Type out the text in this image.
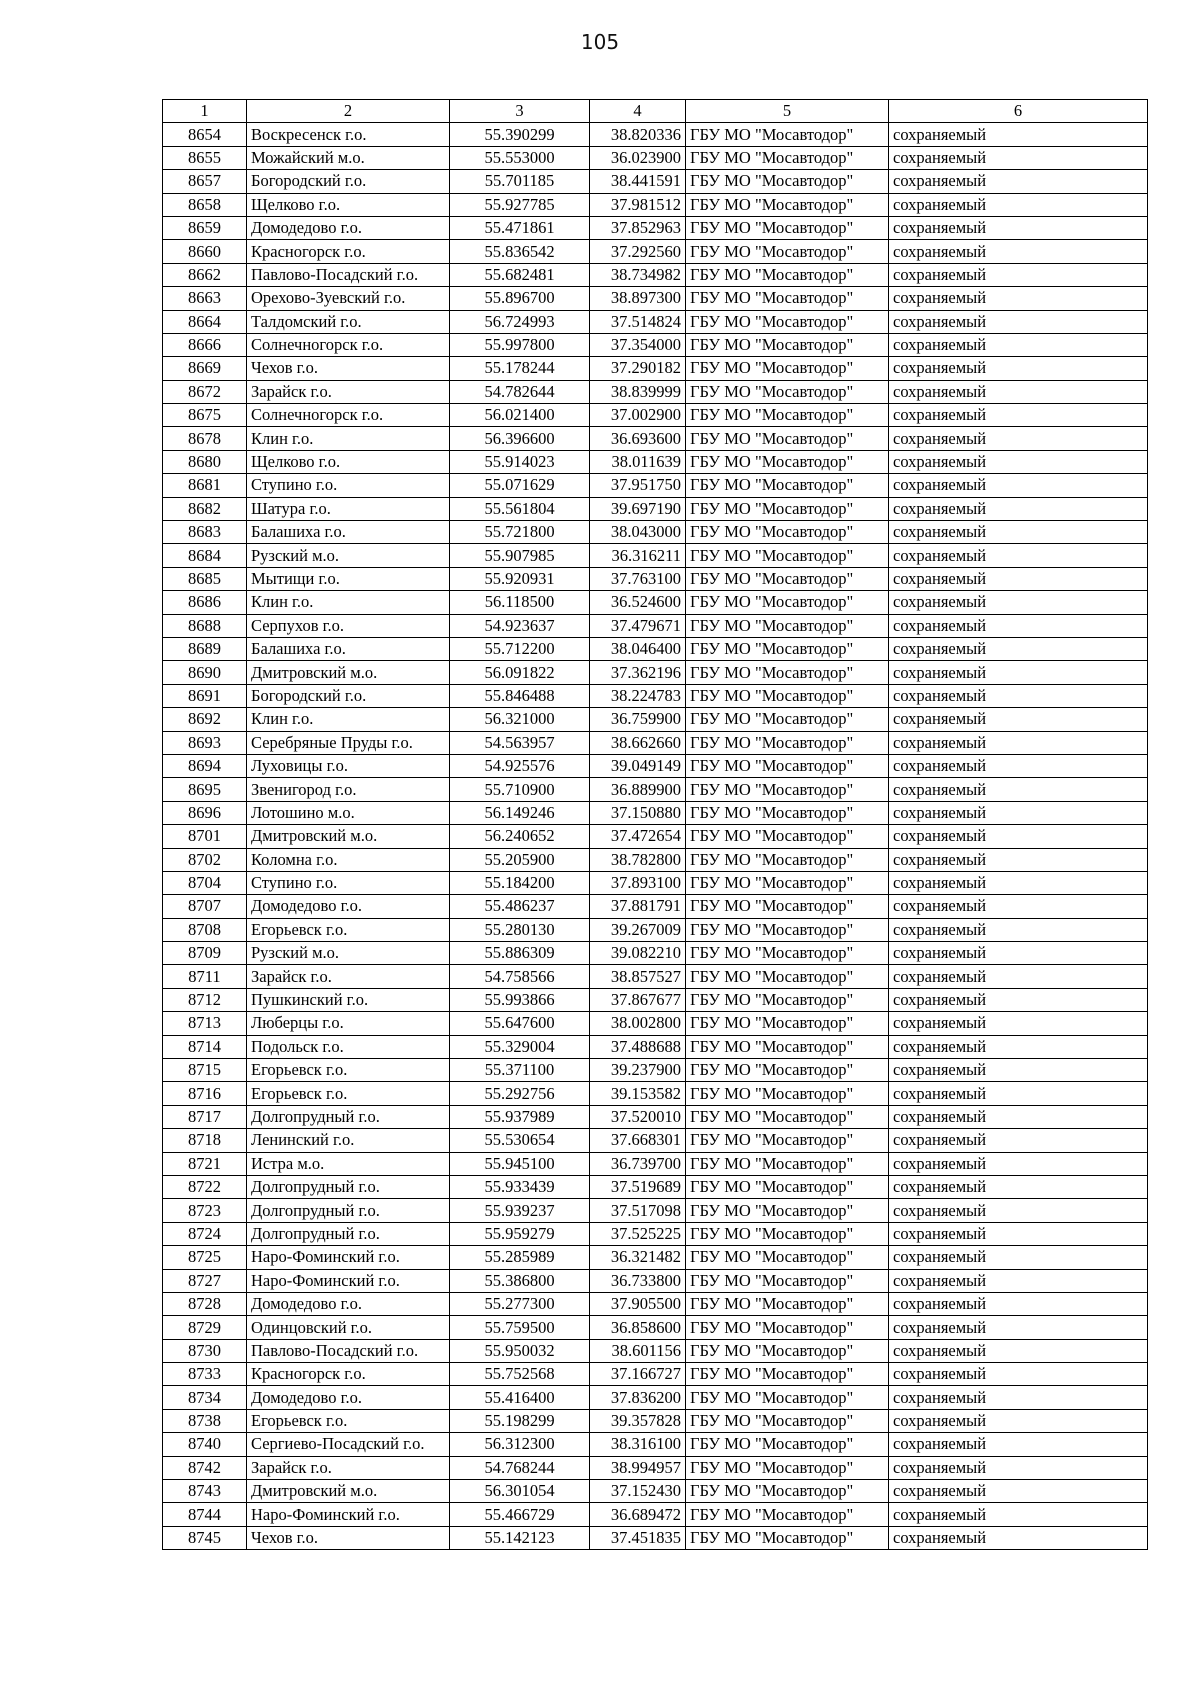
105
1	2	3	4	5	6
8654	Воскресенск г.о.	55.390299	38.820336	ГБУ МО "Мосавтодор"	сохраняемый
8655	Можайский м.о.	55.553000	36.023900	ГБУ МО "Мосавтодор"	сохраняемый
8657	Богородский г.о.	55.701185	38.441591	ГБУ МО "Мосавтодор"	сохраняемый
8658	Щелково г.о.	55.927785	37.981512	ГБУ МО "Мосавтодор"	сохраняемый
8659	Домодедово г.о.	55.471861	37.852963	ГБУ МО "Мосавтодор"	сохраняемый
8660	Красногорск г.о.	55.836542	37.292560	ГБУ МО "Мосавтодор"	сохраняемый
8662	Павлово-Посадский г.о.	55.682481	38.734982	ГБУ МО "Мосавтодор"	сохраняемый
8663	Орехово-Зуевский г.о.	55.896700	38.897300	ГБУ МО "Мосавтодор"	сохраняемый
8664	Талдомский г.о.	56.724993	37.514824	ГБУ МО "Мосавтодор"	сохраняемый
8666	Солнечногорск г.о.	55.997800	37.354000	ГБУ МО "Мосавтодор"	сохраняемый
8669	Чехов г.о.	55.178244	37.290182	ГБУ МО "Мосавтодор"	сохраняемый
8672	Зарайск г.о.	54.782644	38.839999	ГБУ МО "Мосавтодор"	сохраняемый
8675	Солнечногорск г.о.	56.021400	37.002900	ГБУ МО "Мосавтодор"	сохраняемый
8678	Клин г.о.	56.396600	36.693600	ГБУ МО "Мосавтодор"	сохраняемый
8680	Щелково г.о.	55.914023	38.011639	ГБУ МО "Мосавтодор"	сохраняемый
8681	Ступино г.о.	55.071629	37.951750	ГБУ МО "Мосавтодор"	сохраняемый
8682	Шатура г.о.	55.561804	39.697190	ГБУ МО "Мосавтодор"	сохраняемый
8683	Балашиха г.о.	55.721800	38.043000	ГБУ МО "Мосавтодор"	сохраняемый
8684	Рузский м.о.	55.907985	36.316211	ГБУ МО "Мосавтодор"	сохраняемый
8685	Мытищи г.о.	55.920931	37.763100	ГБУ МО "Мосавтодор"	сохраняемый
8686	Клин г.о.	56.118500	36.524600	ГБУ МО "Мосавтодор"	сохраняемый
8688	Серпухов г.о.	54.923637	37.479671	ГБУ МО "Мосавтодор"	сохраняемый
8689	Балашиха г.о.	55.712200	38.046400	ГБУ МО "Мосавтодор"	сохраняемый
8690	Дмитровский м.о.	56.091822	37.362196	ГБУ МО "Мосавтодор"	сохраняемый
8691	Богородский г.о.	55.846488	38.224783	ГБУ МО "Мосавтодор"	сохраняемый
8692	Клин г.о.	56.321000	36.759900	ГБУ МО "Мосавтодор"	сохраняемый
8693	Серебряные Пруды г.о.	54.563957	38.662660	ГБУ МО "Мосавтодор"	сохраняемый
8694	Луховицы г.о.	54.925576	39.049149	ГБУ МО "Мосавтодор"	сохраняемый
8695	Звенигород г.о.	55.710900	36.889900	ГБУ МО "Мосавтодор"	сохраняемый
8696	Лотошино м.о.	56.149246	37.150880	ГБУ МО "Мосавтодор"	сохраняемый
8701	Дмитровский м.о.	56.240652	37.472654	ГБУ МО "Мосавтодор"	сохраняемый
8702	Коломна г.о.	55.205900	38.782800	ГБУ МО "Мосавтодор"	сохраняемый
8704	Ступино г.о.	55.184200	37.893100	ГБУ МО "Мосавтодор"	сохраняемый
8707	Домодедово г.о.	55.486237	37.881791	ГБУ МО "Мосавтодор"	сохраняемый
8708	Егорьевск г.о.	55.280130	39.267009	ГБУ МО "Мосавтодор"	сохраняемый
8709	Рузский м.о.	55.886309	39.082210	ГБУ МО "Мосавтодор"	сохраняемый
8711	Зарайск г.о.	54.758566	38.857527	ГБУ МО "Мосавтодор"	сохраняемый
8712	Пушкинский г.о.	55.993866	37.867677	ГБУ МО "Мосавтодор"	сохраняемый
8713	Люберцы г.о.	55.647600	38.002800	ГБУ МО "Мосавтодор"	сохраняемый
8714	Подольск г.о.	55.329004	37.488688	ГБУ МО "Мосавтодор"	сохраняемый
8715	Егорьевск г.о.	55.371100	39.237900	ГБУ МО "Мосавтодор"	сохраняемый
8716	Егорьевск г.о.	55.292756	39.153582	ГБУ МО "Мосавтодор"	сохраняемый
8717	Долгопрудный г.о.	55.937989	37.520010	ГБУ МО "Мосавтодор"	сохраняемый
8718	Ленинский г.о.	55.530654	37.668301	ГБУ МО "Мосавтодор"	сохраняемый
8721	Истра м.о.	55.945100	36.739700	ГБУ МО "Мосавтодор"	сохраняемый
8722	Долгопрудный г.о.	55.933439	37.519689	ГБУ МО "Мосавтодор"	сохраняемый
8723	Долгопрудный г.о.	55.939237	37.517098	ГБУ МО "Мосавтодор"	сохраняемый
8724	Долгопрудный г.о.	55.959279	37.525225	ГБУ МО "Мосавтодор"	сохраняемый
8725	Наро-Фоминский г.о.	55.285989	36.321482	ГБУ МО "Мосавтодор"	сохраняемый
8727	Наро-Фоминский г.о.	55.386800	36.733800	ГБУ МО "Мосавтодор"	сохраняемый
8728	Домодедово г.о.	55.277300	37.905500	ГБУ МО "Мосавтодор"	сохраняемый
8729	Одинцовский г.о.	55.759500	36.858600	ГБУ МО "Мосавтодор"	сохраняемый
8730	Павлово-Посадский г.о.	55.950032	38.601156	ГБУ МО "Мосавтодор"	сохраняемый
8733	Красногорск г.о.	55.752568	37.166727	ГБУ МО "Мосавтодор"	сохраняемый
8734	Домодедово г.о.	55.416400	37.836200	ГБУ МО "Мосавтодор"	сохраняемый
8738	Егорьевск г.о.	55.198299	39.357828	ГБУ МО "Мосавтодор"	сохраняемый
8740	Сергиево-Посадский г.о.	56.312300	38.316100	ГБУ МО "Мосавтодор"	сохраняемый
8742	Зарайск г.о.	54.768244	38.994957	ГБУ МО "Мосавтодор"	сохраняемый
8743	Дмитровский м.о.	56.301054	37.152430	ГБУ МО "Мосавтодор"	сохраняемый
8744	Наро-Фоминский г.о.	55.466729	36.689472	ГБУ МО "Мосавтодор"	сохраняемый
8745	Чехов г.о.	55.142123	37.451835	ГБУ МО "Мосавтодор"	сохраняемый
